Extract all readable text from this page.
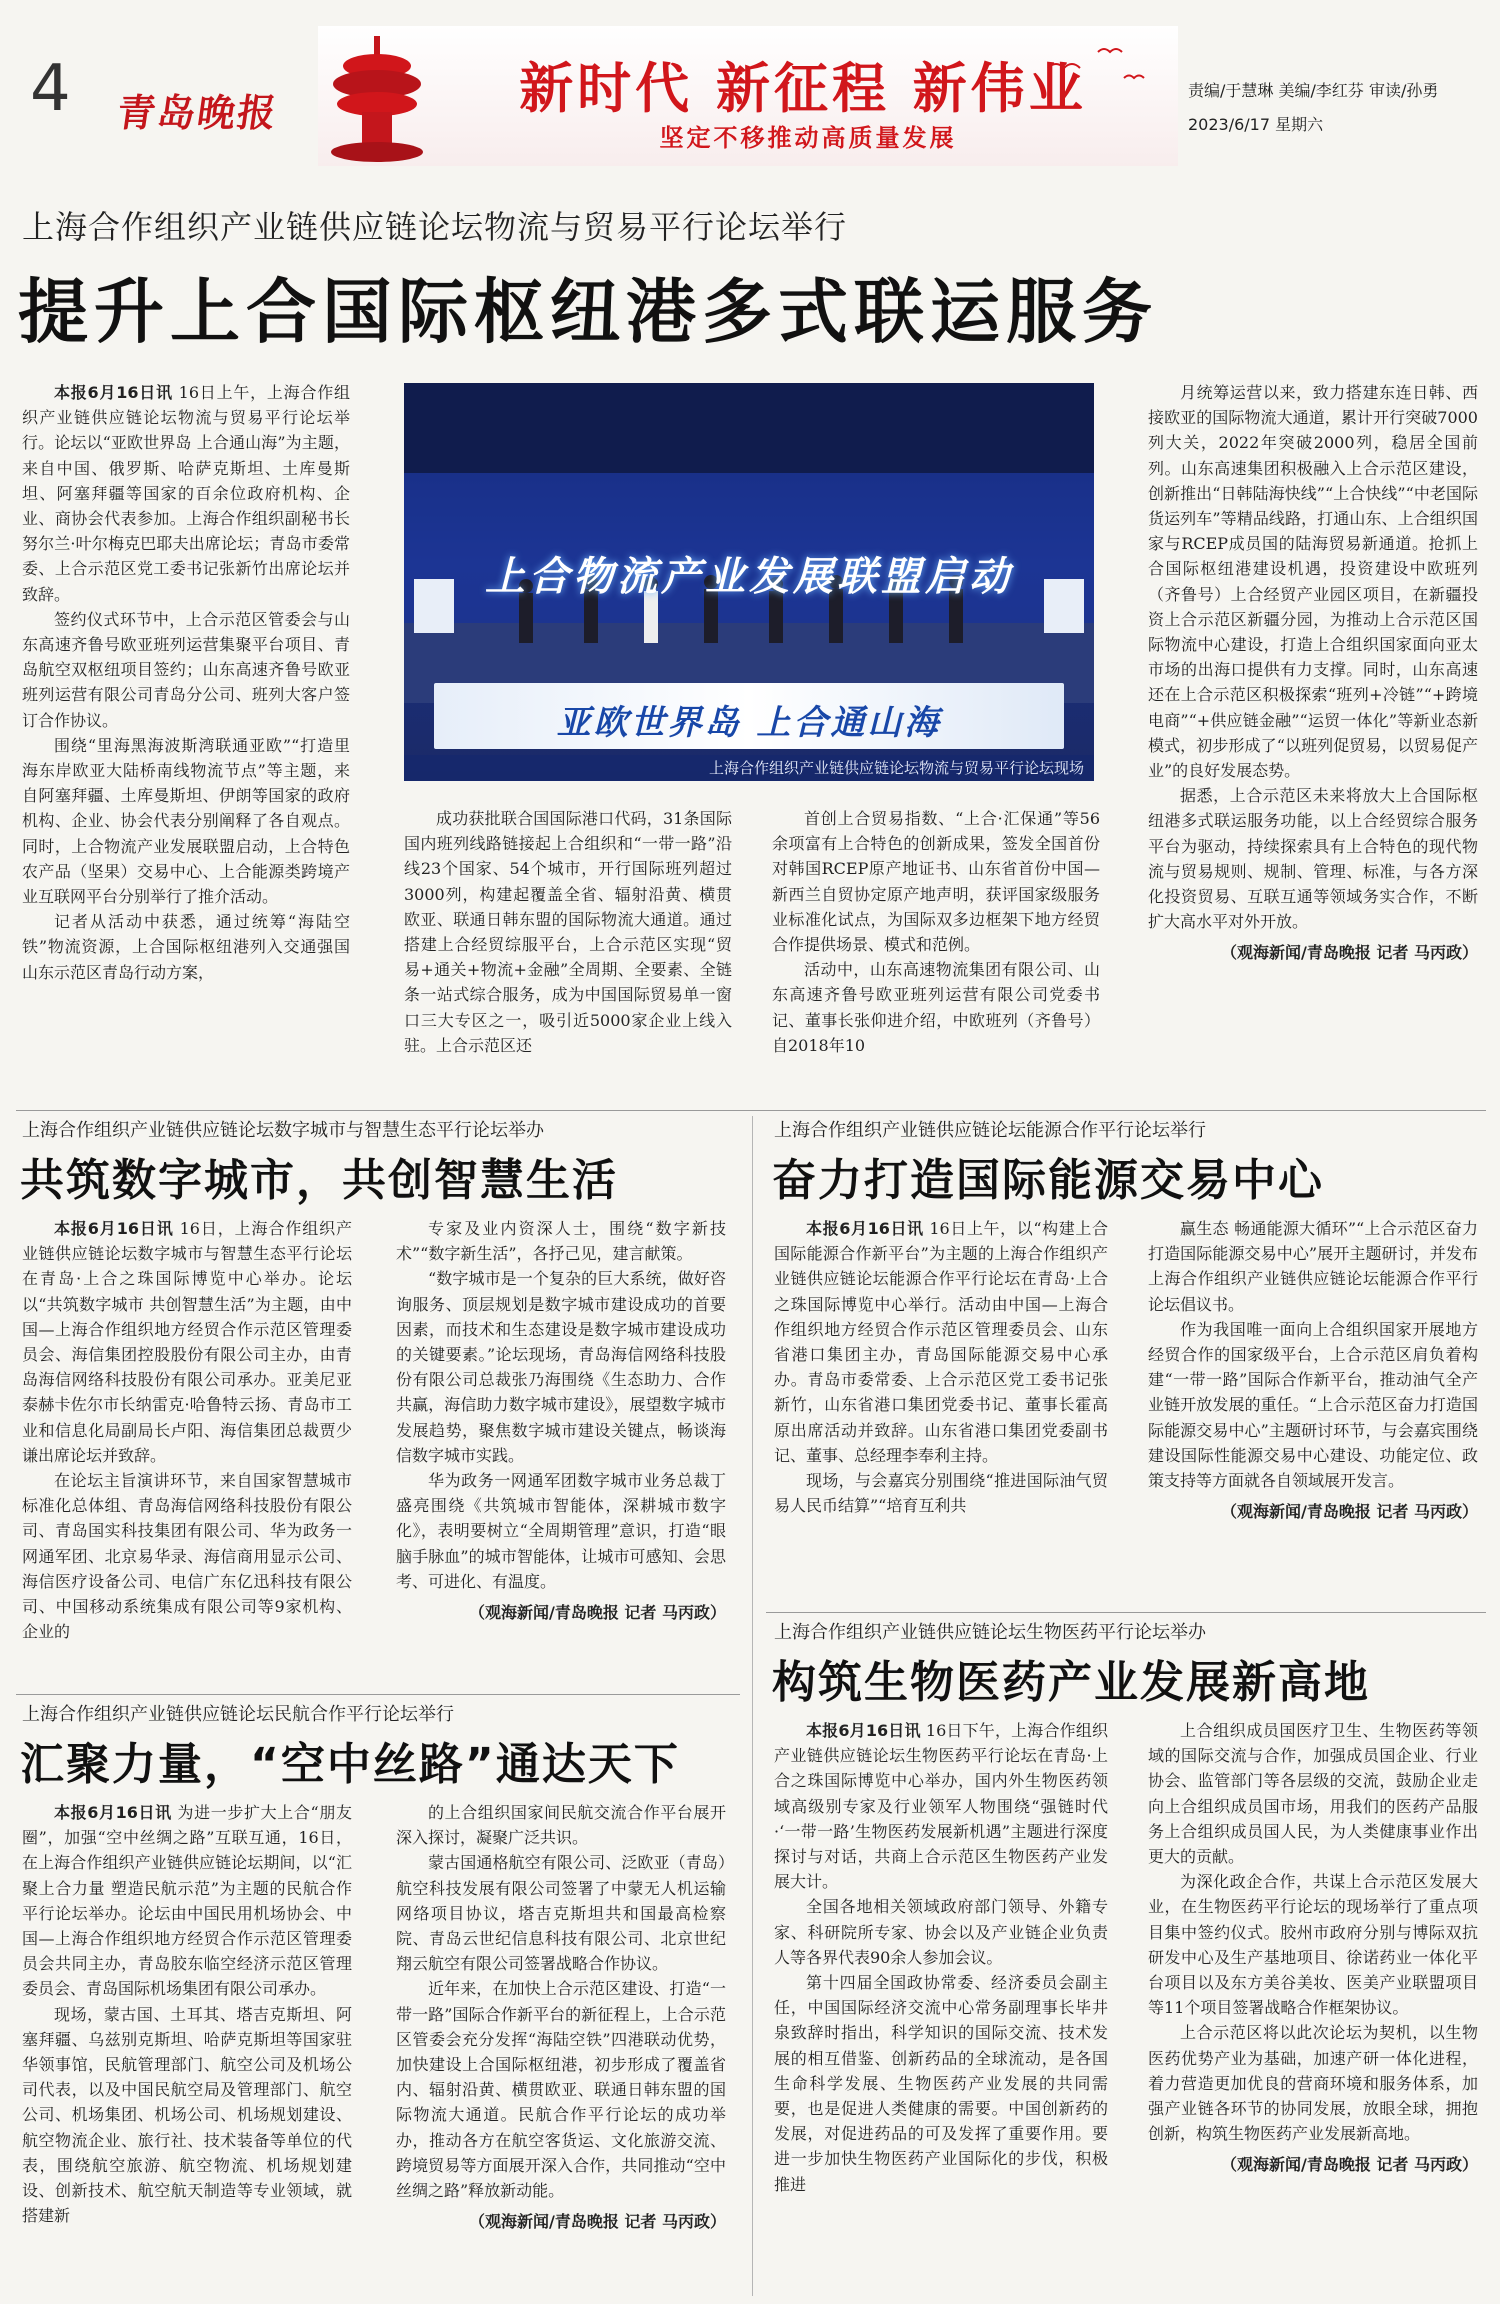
4 青岛晚报	新时代 新征程 新伟业
坚定不移推动高质量发展
责编/于慧琳 美编/李红芬 审读/孙勇
2023/6/17 星期六
上海合作组织产业链供应链论坛物流与贸易平行论坛举行
提升上合国际枢纽港多式联运服务
本报6月16日讯 16日上午，上海合作组织产业链供应链论坛物流与贸易平行论坛举行。论坛以“亚欧世界岛 上合通山海”为主题，来自中国、俄罗斯、哈萨克斯坦、土库曼斯坦、阿塞拜疆等国家的百余位政府机构、企业、商协会代表参加。上海合作组织副秘书长努尔兰·叶尔梅克巴耶夫出席论坛；青岛市委常委、上合示范区党工委书记张新竹出席论坛并致辞。
签约仪式环节中，上合示范区管委会与山东高速齐鲁号欧亚班列运营集聚平台项目、青岛航空双枢纽项目签约；山东高速齐鲁号欧亚班列运营有限公司青岛分公司、班列大客户签订合作协议。
围绕“里海黑海波斯湾联通亚欧”“打造里海东岸欧亚大陆桥南线物流节点”等主题，来自阿塞拜疆、土库曼斯坦、伊朗等国家的政府机构、企业、协会代表分别阐释了各自观点。同时，上合物流产业发展联盟启动，上合特色农产品（坚果）交易中心、上合能源类跨境产业互联网平台分别举行了推介活动。
记者从活动中获悉，通过统筹“海陆空铁”物流资源，上合国际枢纽港列入交通强国山东示范区青岛行动方案，
上合物流产业发展联盟启动
亚欧世界岛 上合通山海
上海合作组织产业链供应链论坛物流与贸易平行论坛现场
成功获批联合国国际港口代码，31条国际国内班列线路链接起上合组织和“一带一路”沿线23个国家、54个城市，开行国际班列超过3000列，构建起覆盖全省、辐射沿黄、横贯欧亚、联通日韩东盟的国际物流大通道。通过搭建上合经贸综服平台，上合示范区实现“贸易+通关+物流+金融”全周期、全要素、全链条一站式综合服务，成为中国国际贸易单一窗口三大专区之一，吸引近5000家企业上线入驻。上合示范区还
首创上合贸易指数、“上合·汇保通”等56余项富有上合特色的创新成果，签发全国首份对韩国RCEP原产地证书、山东省首份中国—新西兰自贸协定原产地声明，获评国家级服务业标准化试点，为国际双多边框架下地方经贸合作提供场景、模式和范例。
活动中，山东高速物流集团有限公司、山东高速齐鲁号欧亚班列运营有限公司党委书记、董事长张仰进介绍，中欧班列（齐鲁号）自2018年10
月统筹运营以来，致力搭建东连日韩、西接欧亚的国际物流大通道，累计开行突破7000列大关，2022年突破2000列，稳居全国前列。山东高速集团积极融入上合示范区建设，创新推出“日韩陆海快线”“上合快线”“中老国际货运列车”等精品线路，打通山东、上合组织国家与RCEP成员国的陆海贸易新通道。抢抓上合国际枢纽港建设机遇，投资建设中欧班列（齐鲁号）上合经贸产业园区项目，在新疆投资上合示范区新疆分园，为推动上合示范区国际物流中心建设，打造上合组织国家面向亚太市场的出海口提供有力支撑。同时，山东高速还在上合示范区积极探索“班列+冷链”“+跨境电商”“+供应链金融”“运贸一体化”等新业态新模式，初步形成了“以班列促贸易，以贸易促产业”的良好发展态势。
据悉，上合示范区未来将放大上合国际枢纽港多式联运服务功能，以上合经贸综合服务平台为驱动，持续探索具有上合特色的现代物流与贸易规则、规制、管理、标准，与各方深化投资贸易、互联互通等领域务实合作，不断扩大高水平对外开放。
（观海新闻/青岛晚报 记者 马丙政）
上海合作组织产业链供应链论坛数字城市与智慧生态平行论坛举办
共筑数字城市，共创智慧生活
本报6月16日讯 16日，上海合作组织产业链供应链论坛数字城市与智慧生态平行论坛在青岛·上合之珠国际博览中心举办。论坛以“共筑数字城市 共创智慧生活”为主题，由中国—上海合作组织地方经贸合作示范区管理委员会、海信集团控股股份有限公司主办，由青岛海信网络科技股份有限公司承办。亚美尼亚泰赫卡佐尔市长纳雷克·哈鲁特云扬、青岛市工业和信息化局副局长卢阳、海信集团总裁贾少谦出席论坛并致辞。
在论坛主旨演讲环节，来自国家智慧城市标准化总体组、青岛海信网络科技股份有限公司、青岛国实科技集团有限公司、华为政务一网通军团、北京易华录、海信商用显示公司、海信医疗设备公司、电信广东亿迅科技有限公司、中国移动系统集成有限公司等9家机构、企业的
专家及业内资深人士，围绕“数字新技术”“数字新生活”，各抒己见，建言献策。
“数字城市是一个复杂的巨大系统，做好咨询服务、顶层规划是数字城市建设成功的首要因素，而技术和生态建设是数字城市建设成功的关键要素。”论坛现场，青岛海信网络科技股份有限公司总裁张乃海围绕《生态助力、合作共赢，海信助力数字城市建设》，展望数字城市发展趋势，聚焦数字城市建设关键点，畅谈海信数字城市实践。
华为政务一网通军团数字城市业务总裁丁盛亮围绕《共筑城市智能体，深耕城市数字化》，表明要树立“全周期管理”意识，打造“眼脑手脉血”的城市智能体，让城市可感知、会思考、可进化、有温度。
（观海新闻/青岛晚报 记者 马丙政）
上海合作组织产业链供应链论坛民航合作平行论坛举行
汇聚力量，“空中丝路”通达天下
本报6月16日讯 为进一步扩大上合“朋友圈”，加强“空中丝绸之路”互联互通，16日，在上海合作组织产业链供应链论坛期间，以“汇聚上合力量 塑造民航示范”为主题的民航合作平行论坛举办。论坛由中国民用机场协会、中国—上海合作组织地方经贸合作示范区管理委员会共同主办，青岛胶东临空经济示范区管理委员会、青岛国际机场集团有限公司承办。
现场，蒙古国、土耳其、塔吉克斯坦、阿塞拜疆、乌兹别克斯坦、哈萨克斯坦等国家驻华领事馆，民航管理部门、航空公司及机场公司代表，以及中国民航空局及管理部门、航空公司、机场集团、机场公司、机场规划建设、航空物流企业、旅行社、技术装备等单位的代表，围绕航空旅游、航空物流、机场规划建设、创新技术、航空航天制造等专业领域，就搭建新
的上合组织国家间民航交流合作平台展开深入探讨，凝聚广泛共识。
蒙古国通格航空有限公司、泛欧亚（青岛）航空科技发展有限公司签署了中蒙无人机运输网络项目协议，塔吉克斯坦共和国最高检察院、青岛云世纪信息科技有限公司、北京世纪翔云航空有限公司签署战略合作协议。
近年来，在加快上合示范区建设、打造“一带一路”国际合作新平台的新征程上，上合示范区管委会充分发挥“海陆空铁”四港联动优势，加快建设上合国际枢纽港，初步形成了覆盖省内、辐射沿黄、横贯欧亚、联通日韩东盟的国际物流大通道。民航合作平行论坛的成功举办，推动各方在航空客货运、文化旅游交流、跨境贸易等方面展开深入合作，共同推动“空中丝绸之路”释放新动能。
（观海新闻/青岛晚报 记者 马丙政）
上海合作组织产业链供应链论坛能源合作平行论坛举行
奋力打造国际能源交易中心
本报6月16日讯 16日上午，以“构建上合国际能源合作新平台”为主题的上海合作组织产业链供应链论坛能源合作平行论坛在青岛·上合之珠国际博览中心举行。活动由中国—上海合作组织地方经贸合作示范区管理委员会、山东省港口集团主办，青岛国际能源交易中心承办。青岛市委常委、上合示范区党工委书记张新竹，山东省港口集团党委书记、董事长霍高原出席活动并致辞。山东省港口集团党委副书记、董事、总经理李奉利主持。
现场，与会嘉宾分别围绕“推进国际油气贸易人民币结算”“培育互利共
赢生态 畅通能源大循环”“上合示范区奋力打造国际能源交易中心”展开主题研讨，并发布上海合作组织产业链供应链论坛能源合作平行论坛倡议书。
作为我国唯一面向上合组织国家开展地方经贸合作的国家级平台，上合示范区肩负着构建“一带一路”国际合作新平台，推动油气全产业链开放发展的重任。“上合示范区奋力打造国际能源交易中心”主题研讨环节，与会嘉宾围绕建设国际性能源交易中心建设、功能定位、政策支持等方面就各自领域展开发言。
（观海新闻/青岛晚报 记者 马丙政）
上海合作组织产业链供应链论坛生物医药平行论坛举办
构筑生物医药产业发展新高地
本报6月16日讯 16日下午，上海合作组织产业链供应链论坛生物医药平行论坛在青岛·上合之珠国际博览中心举办，国内外生物医药领域高级别专家及行业领军人物围绕“强链时代·‘一带一路’生物医药发展新机遇”主题进行深度探讨与对话，共商上合示范区生物医药产业发展大计。
全国各地相关领域政府部门领导、外籍专家、科研院所专家、协会以及产业链企业负责人等各界代表90余人参加会议。
第十四届全国政协常委、经济委员会副主任，中国国际经济交流中心常务副理事长毕井泉致辞时指出，科学知识的国际交流、技术发展的相互借鉴、创新药品的全球流动，是各国生命科学发展、生物医药产业发展的共同需要，也是促进人类健康的需要。中国创新药的发展，对促进药品的可及发挥了重要作用。要进一步加快生物医药产业国际化的步伐，积极推进
上合组织成员国医疗卫生、生物医药等领域的国际交流与合作，加强成员国企业、行业协会、监管部门等各层级的交流，鼓励企业走向上合组织成员国市场，用我们的医药产品服务上合组织成员国人民，为人类健康事业作出更大的贡献。
为深化政企合作，共谋上合示范区发展大业，在生物医药平行论坛的现场举行了重点项目集中签约仪式。胶州市政府分别与博际双抗研发中心及生产基地项目、徐诺药业一体化平台项目以及东方美谷美妆、医美产业联盟项目等11个项目签署战略合作框架协议。
上合示范区将以此次论坛为契机，以生物医药优势产业为基础，加速产研一体化进程，着力营造更加优良的营商环境和服务体系，加强产业链各环节的协同发展，放眼全球，拥抱创新，构筑生物医药产业发展新高地。
（观海新闻/青岛晚报 记者 马丙政）
